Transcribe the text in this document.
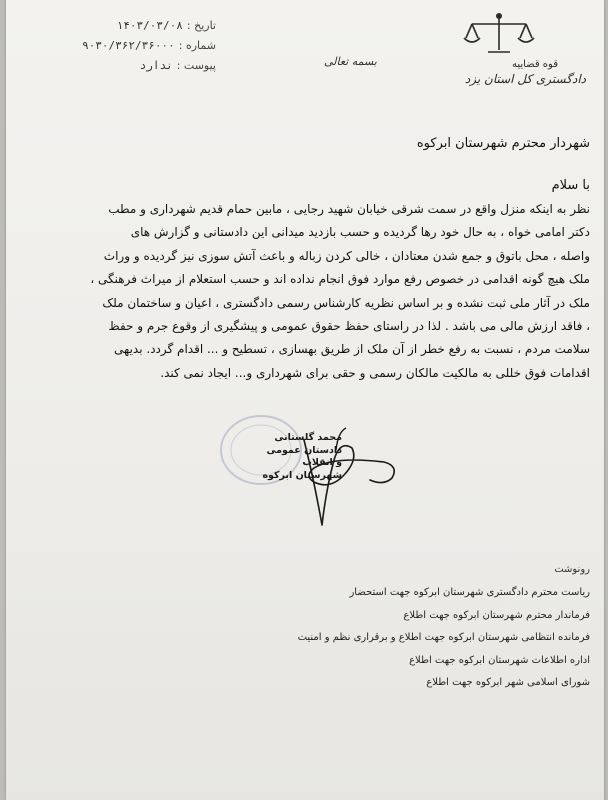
قوه قضاییه
دادگستری کل استان یزد
بسمه تعالی
تاریخ :
۱۴۰۳/۰۳/۰۸
شماره :
۹۰۳۰/۳۶۲/۳۶۰۰۰
پیوست :
ندارد
شهردار محترم شهرستان ابرکوه
با سلام

نظر به اینکه منزل واقع در سمت شرقی خیابان شهید رجایی ، مابین حمام قدیم شهرداری و مطب

دکتر امامی خواه ، به حال خود رها گردیده و حسب بازدید میدانی این دادستانی و گزارش های

واصله ، محل باتوق و جمع شدن معتادان ، خالی کردن زباله و باعث آتش سوزی نیز گردیده و وراث

ملک هیچ گونه اقدامی در خصوص رفع موارد فوق انجام نداده اند و حسب استعلام از میراث فرهنگی ،

ملک در آثار ملی ثبت نشده و بر اساس نظریه کارشناس رسمی دادگستری ، اعیان و ساختمان ملک

، فاقد ارزش مالی می باشد . لذا در راستای حفظ حقوق عمومی و پیشگیری از وقوع جرم و حفظ

سلامت مردم ، نسبت به رفع خطر از آن ملک از طریق بهسازی ، تسطیح و ... اقدام گردد. بدیهی

اقدامات فوق خللی به مالکیت مالکان رسمی و حقی برای شهرداری و... ایجاد نمی کند.

محمد گلستانی
دادستان عمومی
و انقلاب
شهرستان ابرکوه
رونوشت
ریاست محترم دادگستری شهرستان ابرکوه جهت استحضار
فرماندار محترم شهرستان ابرکوه جهت اطلاع
فرمانده انتظامی شهرستان ابرکوه جهت اطلاع و برقراری نظم و امنیت
اداره اطلاعات شهرستان ابرکوه جهت اطلاع
شورای اسلامی شهر ابرکوه جهت اطلاع
